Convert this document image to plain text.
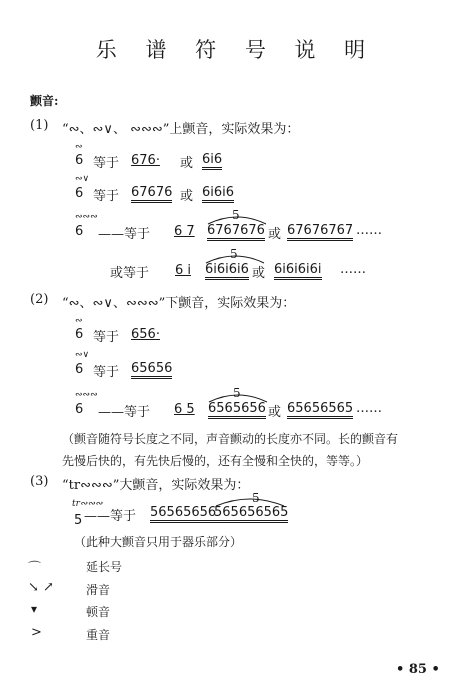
乐 谱 符 号 说 明
颤音:
(1) “∾、∾∨、 ∾∾∾”上颤音，实际效果为：
∾
6 等于 676· 或 6i6
∾∨
6 等于 67676 或 6i6i6
∾∾∾
6 ——等于 6 7
5
6767676 或 67676767 ……
或等于 6 i
5
6i6i6i6 或 6i6i6i6i ……
(2) “∾、∾∨、∾∾∾”下颤音，实际效果为：
∾
6 等于 656·
∾∨
6 等于 65656
∾∾∾
6 ——等于 6 5
5
6565656 或 65656565 ……
（颤音随符号长度之不同，声音颤动的长度亦不同。长的颤音有
先慢后快的，有先快后慢的，还有全慢和全快的，等等。）
(3) “tr∾∾∾”大颤音，实际效果为：
tr∾∾∾
5 ——等于 56565656
5
565656565
（此种大颤音只用于器乐部分）
⌒	延长号
↘ ↗	滑音
▾	顿音
>	重音
• 85 •
